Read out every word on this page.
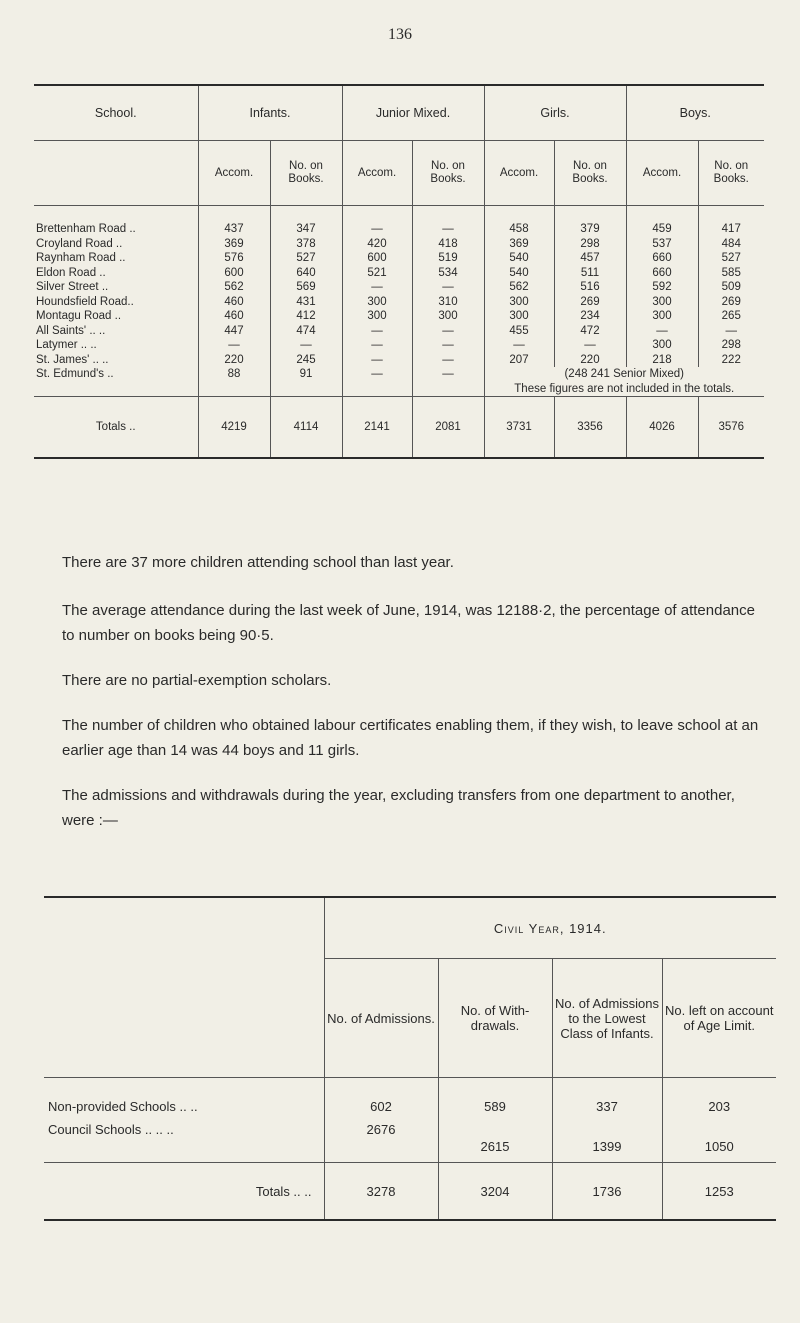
136
School.	Infants.		Junior Mixed.		Girls.		Boys.	
	Accom.	No. on Books.	Accom.	No. on Books.	Accom.	No. on Books.	Accom.	No. on Books.

Brettenham Road ..	437	347	—	—	458	379	459	417
Croyland Road ..	369	378	420	418	369	298	537	484
Raynham Road ..	576	527	600	519	540	457	660	527
Eldon Road ..	600	640	521	534	540	511	660	585
Silver Street ..	562	569	—	—	562	516	592	509
Houndsfield Road..	460	431	300	310	300	269	300	269
Montagu Road ..	460	412	300	300	300	234	300	265
All Saints' .. ..	447	474	—	—	455	472	—	—
Latymer .. ..	—	—	—	—	—	—	300	298
St. James' .. ..	220	245	—	—	207	220	218	222
St. Edmund's ..	88	91	—	—	(248 241 Senior Mixed)
These figures are not included in the totals.			

Totals ..	4219	4114	2141	2081	3731	3356	4026	3576

There are 37 more children attending school than last year.

The average attendance during the last week of June, 1914, was 12188·2, the percentage of attendance to number on books being 90·5.

There are no partial-exemption scholars.

The number of children who obtained labour certificates enabling them, if they wish, to leave school at an earlier age than 14 was 44 boys and 11 girls.

The admissions and withdrawals during the year, excluding transfers from one department to another, were :—

	Civil Year, 1914.			
	No. of Admissions.	No. of With-drawals.	No. of Admissions to the Lowest Class of Infants.	No. left on account of Age Limit.

Non-provided Schools .. ..	602	589	337	203
Council Schools .. .. ..	2676	2615	1399	1050
Totals .. ..	3278	3204	1736	1253
